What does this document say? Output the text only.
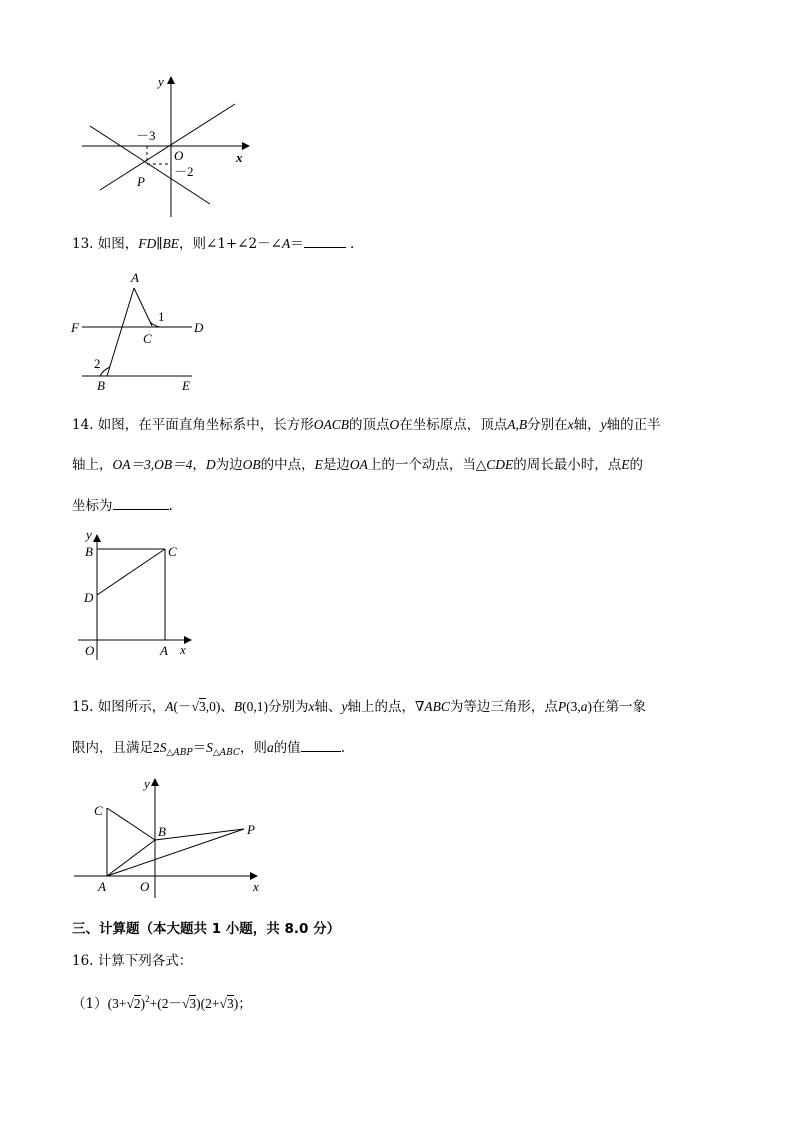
y
x
－3
O
－2
P
13. 如图，FD∥BE，则∠1+∠2－∠A＝	．
A
1
F
C
D
2
B	E
14. 如图，在平面直角坐标系中，长方形OACB的顶点O在坐标原点，顶点A,B分别在x轴，y轴的正半
轴上，OA＝3,OB＝4，D为边OB的中点，E是边OA上的一个动点，当△CDE的周长最小时，点E的
坐标为	.
y
B	C
D
O	A x
15. 如图所示，A(－√3,0)、B(0,1)分别为x轴、y轴上的点，∇ABC为等边三角形，点P(3,a)在第一象
限内，且满足$2S_{\triangle ABP}=S_{\triangle ABC}$，则a的值	.
y
C
B	P
A	O	x
三、计算题（本大题共 1 小题，共 8.0 分）
16. 计算下列各式：
$(1)(3+√2)^2+(2-√3)(2+√3)$；
